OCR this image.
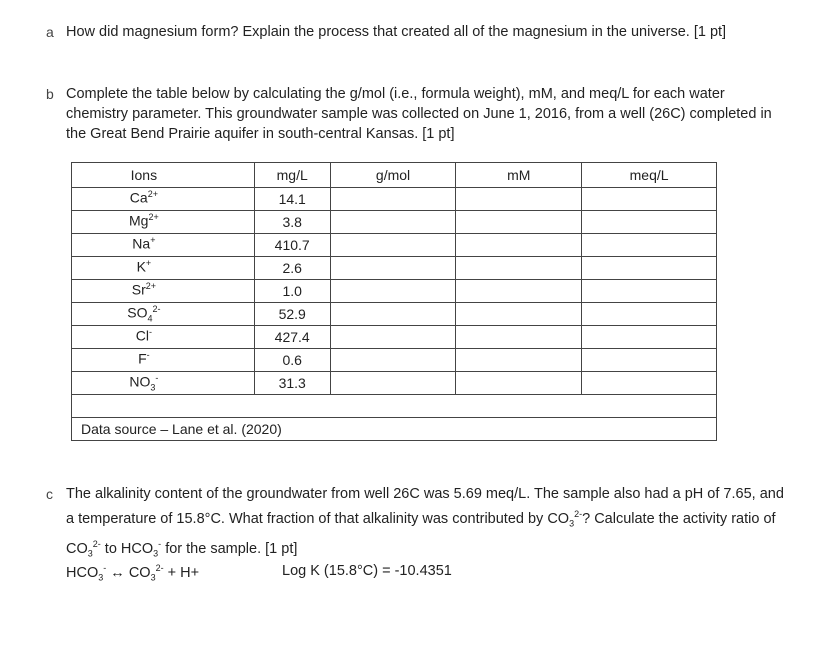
a How did magnesium form? Explain the process that created all of the magnesium in the universe. [1 pt]
b Complete the table below by calculating the g/mol (i.e., formula weight), mM, and meq/L for each water chemistry parameter. This groundwater sample was collected on June 1, 2016, from a well (26C) completed in the Great Bend Prairie aquifer in south-central Kansas. [1 pt]
Ions	mg/L	g/mol	mM	meq/L
$Ca^{2+}$	14.1			
$Mg^{2+}$	3.8			
Na+	410.7			
K+	2.6			
$Sr^{2+}$	1.0			
$SO_4^{2-}$	52.9			
Cl-	427.4			
F-	0.6			
$NO_3^-$	31.3			

Data source – Lane et al. (2020)				
c The alkalinity content of the groundwater from well 26C was 5.69 meq/L. The sample also had a pH of 7.65, and a temperature of 15.8°C. What fraction of that alkalinity was contributed by $CO_3^{2-}$? Calculate the activity ratio of $CO_3^{2-}$ to $HCO_3^-$ for the sample. [1 pt]
$HCO_3^-$ ↔ $CO_3^{2-} + H+$	Log K (15.8°C) = -10.4351
